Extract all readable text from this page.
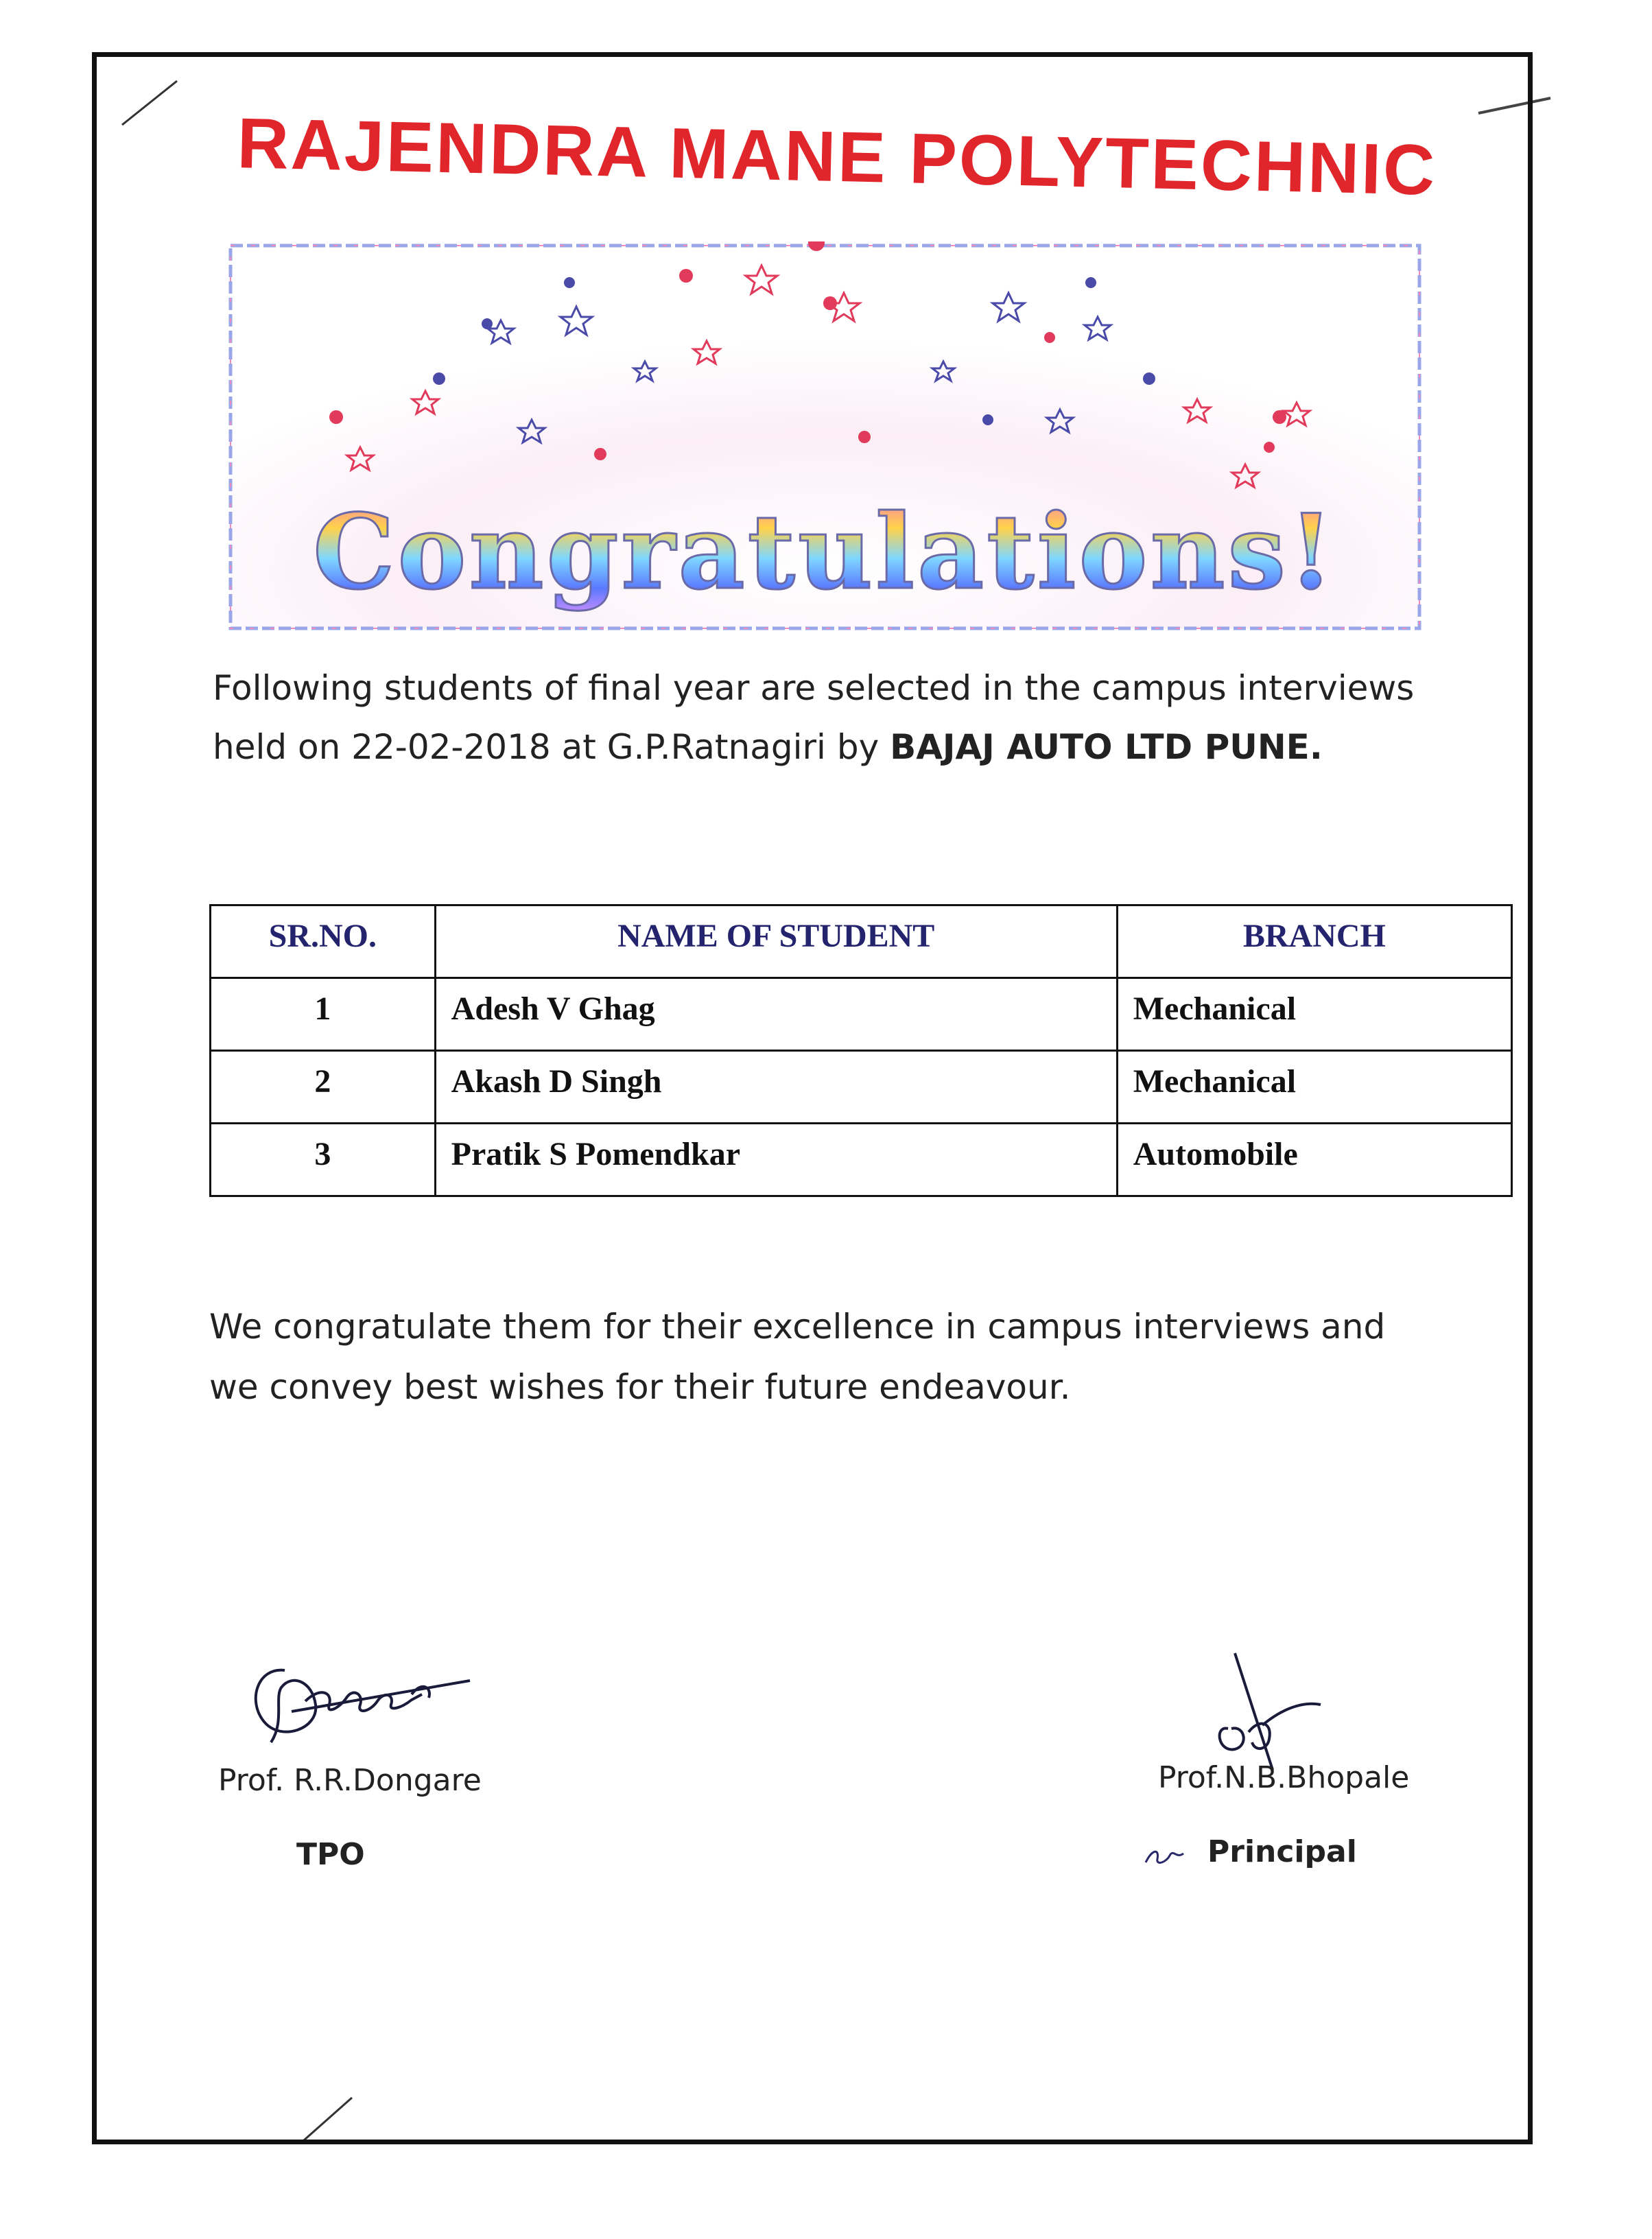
RAJENDRA MANE POLYTECHNIC
Congratulations!
Following students of final year are selected in the campus interviews held on 22-02-2018 at G.P.Ratnagiri by BAJAJ AUTO LTD PUNE.
SR.NO.	NAME OF STUDENT	BRANCH
1	Adesh V Ghag	Mechanical
2	Akash D Singh	Mechanical
3	Pratik S Pomendkar	Automobile
We congratulate them for their excellence in campus interviews and
we convey best wishes for their future endeavour.
Prof. R.R.Dongare
TPO
Prof.N.B.Bhopale
Principal
